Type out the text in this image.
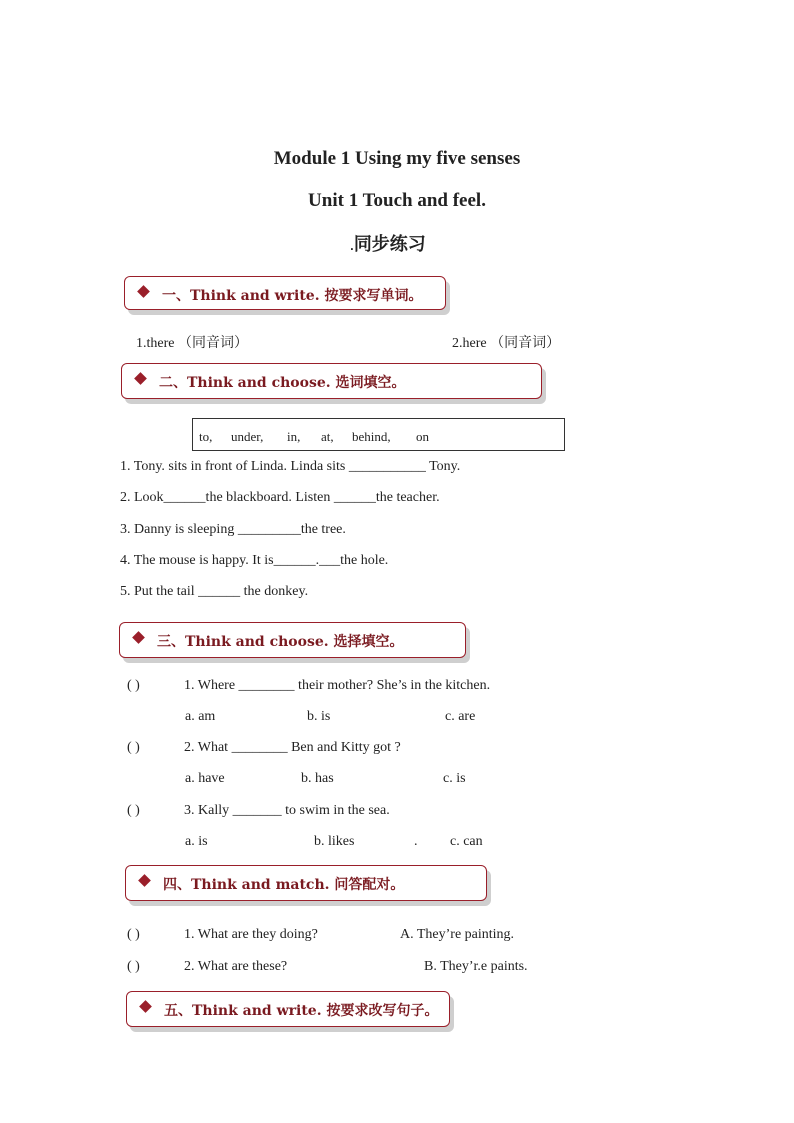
Module 1 Using my five senses
Unit 1 Touch and feel.
.同步练习
一、Think and write. 按要求写单词。
1.there （同音词）	2.here （同音词）
二、Think and choose. 选词填空。
to, under, in, at, behind, on
1. Tony. sits in front of Linda. Linda sits ___________ Tony.
2. Look______the blackboard. Listen ______the teacher.
3. Danny is sleeping _________the tree.
4. The mouse is happy. It is______.___the hole.
5. Put the tail ______ the donkey.
三、Think and choose. 选择填空。
( )	1. Where ________ their mother? She’s in the kitchen.
a. am	b. is	c. are
( )	2. What ________ Ben and Kitty got ?
a. have	b. has	c. is
( )	3. Kally _______ to swim in the sea.
a. is	b. likes	. c. can
四、Think and match. 问答配对。
( )	1. What are they doing?	A. They’re painting.
( )	2. What are these?	B. They’r.e paints.
五、Think and write. 按要求改写句子。
